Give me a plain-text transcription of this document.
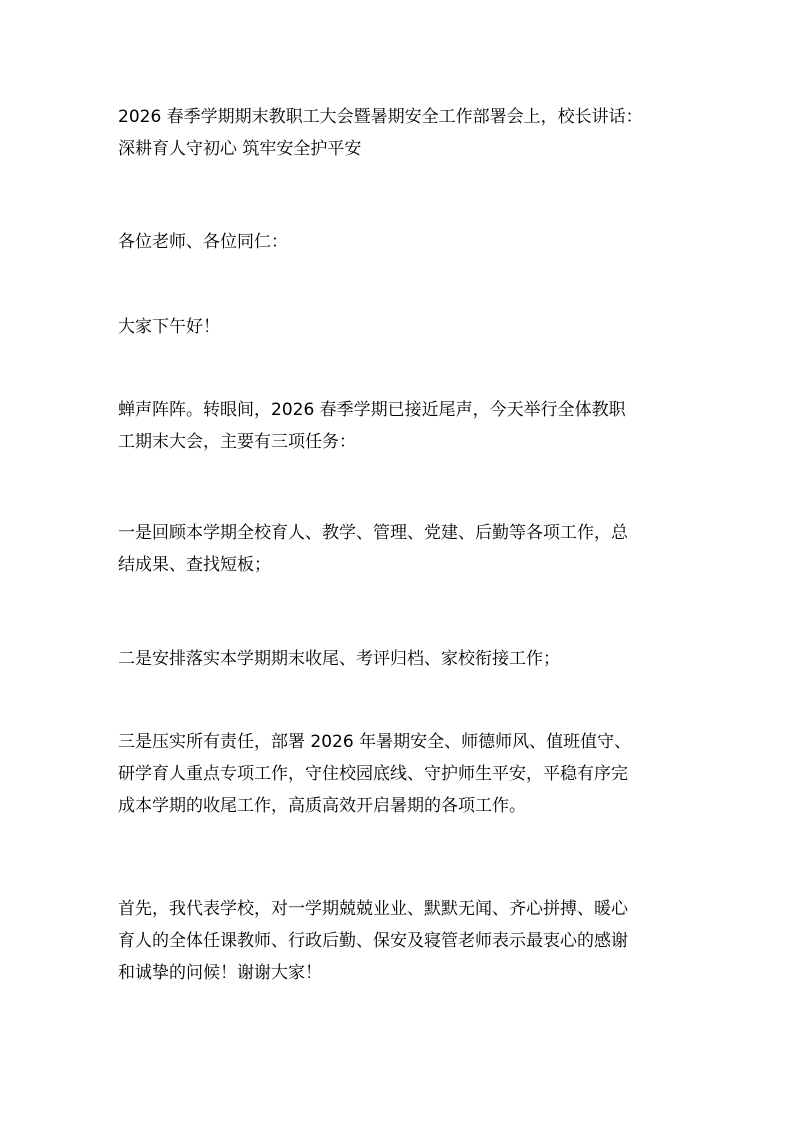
2026 春季学期期末教职工大会暨暑期安全工作部署会上，校长讲话：
深耕育人守初心 筑牢安全护平安
各位老师、各位同仁：
大家下午好！
蝉声阵阵。转眼间，2026 春季学期已接近尾声，今天举行全体教职
工期末大会，主要有三项任务：
一是回顾本学期全校育人、教学、管理、党建、后勤等各项工作，总
结成果、查找短板；
二是安排落实本学期期末收尾、考评归档、家校衔接工作；
三是压实所有责任，部署 2026 年暑期安全、师德师风、值班值守、
研学育人重点专项工作，守住校园底线、守护师生平安，平稳有序完
成本学期的收尾工作，高质高效开启暑期的各项工作。
首先，我代表学校，对一学期兢兢业业、默默无闻、齐心拼搏、暖心
育人的全体任课教师、行政后勤、保安及寝管老师表示最衷心的感谢
和诚挚的问候！谢谢大家！
